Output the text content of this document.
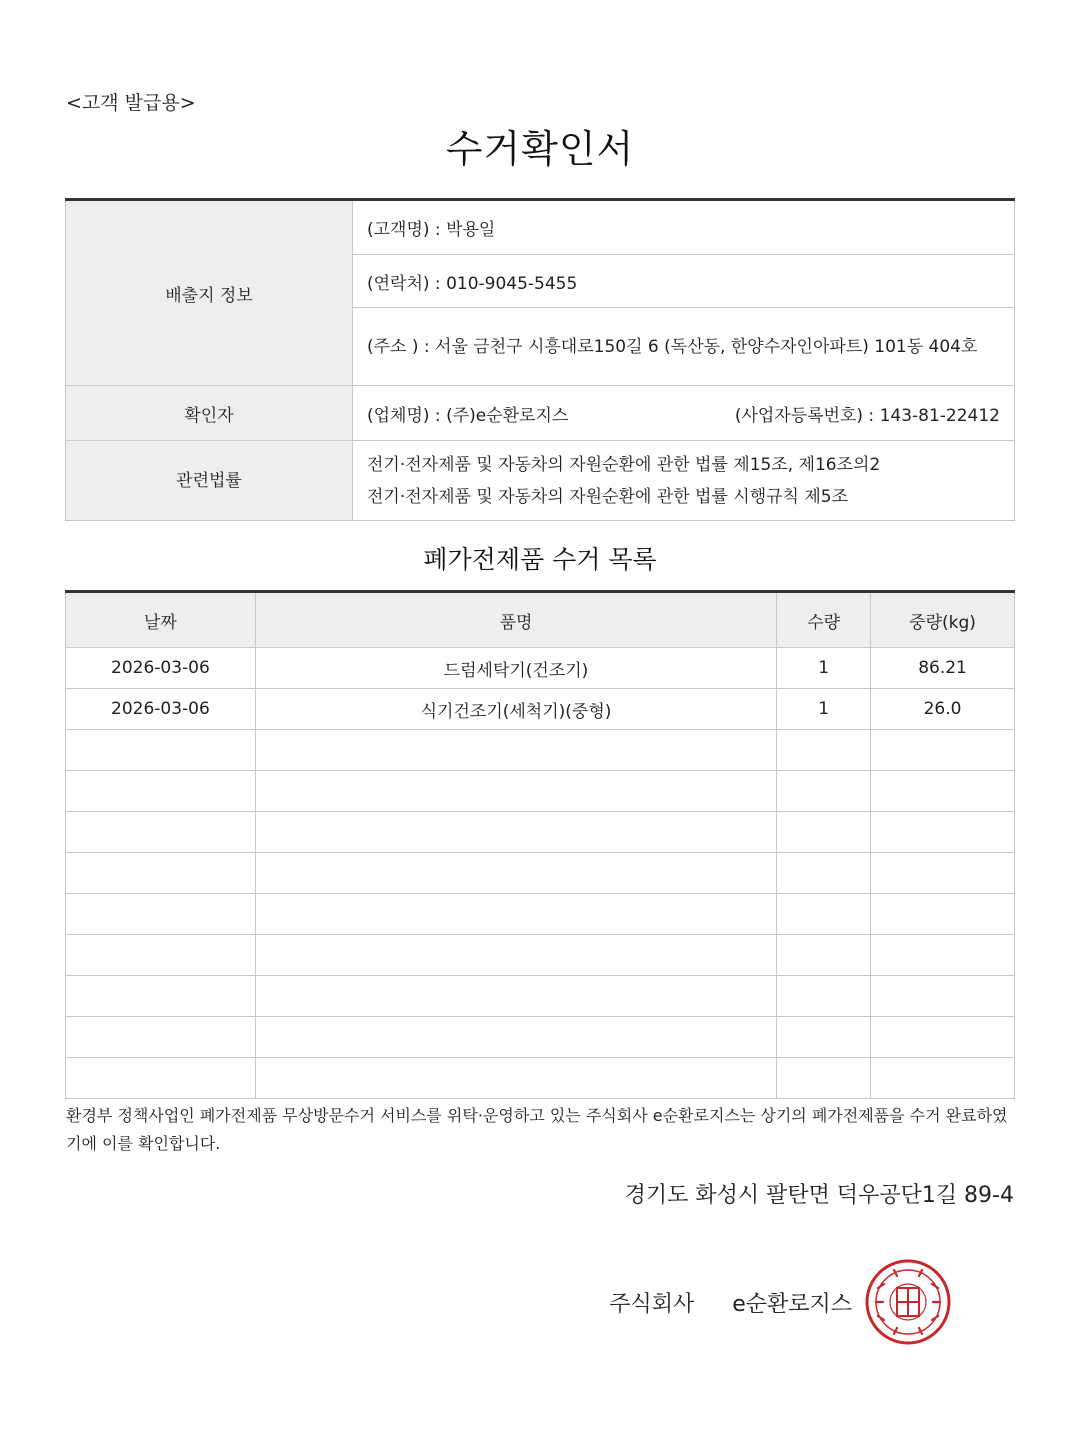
<고객 발급용>
수거확인서
배출지 정보	(고객명) : 박용일
	(연락처) : 010-9045-5455
	(주소 ) : 서울 금천구 시흥대로150길 6 (독산동, 한양수자인아파트) 101동 404호
확인자	(업체명) : (주)e순환로지스 (사업자등록번호) : 143-81-22412

관련법률	전기·전자제품 및 자동차의 자원순환에 관한 법률 제15조, 제16조의2
전기·전자제품 및 자동차의 자원순환에 관한 법률 시행규칙 제5조
폐가전제품 수거 목록
날짜	품명	수량	중량(kg)
2026-03-06	드럼세탁기(건조기)	1	86.21
2026-03-06	식기건조기(세척기)(중형)	1	26.0

환경부 정책사업인 폐가전제품 무상방문수거 서비스를 위탁·운영하고 있는 주식회사 e순환로지스는 상기의 폐가전제품을 수거 완료하였기에 이를 확인합니다.
경기도 화성시 팔탄면 덕우공단1길 89-4
주식회사 e순환로지스
